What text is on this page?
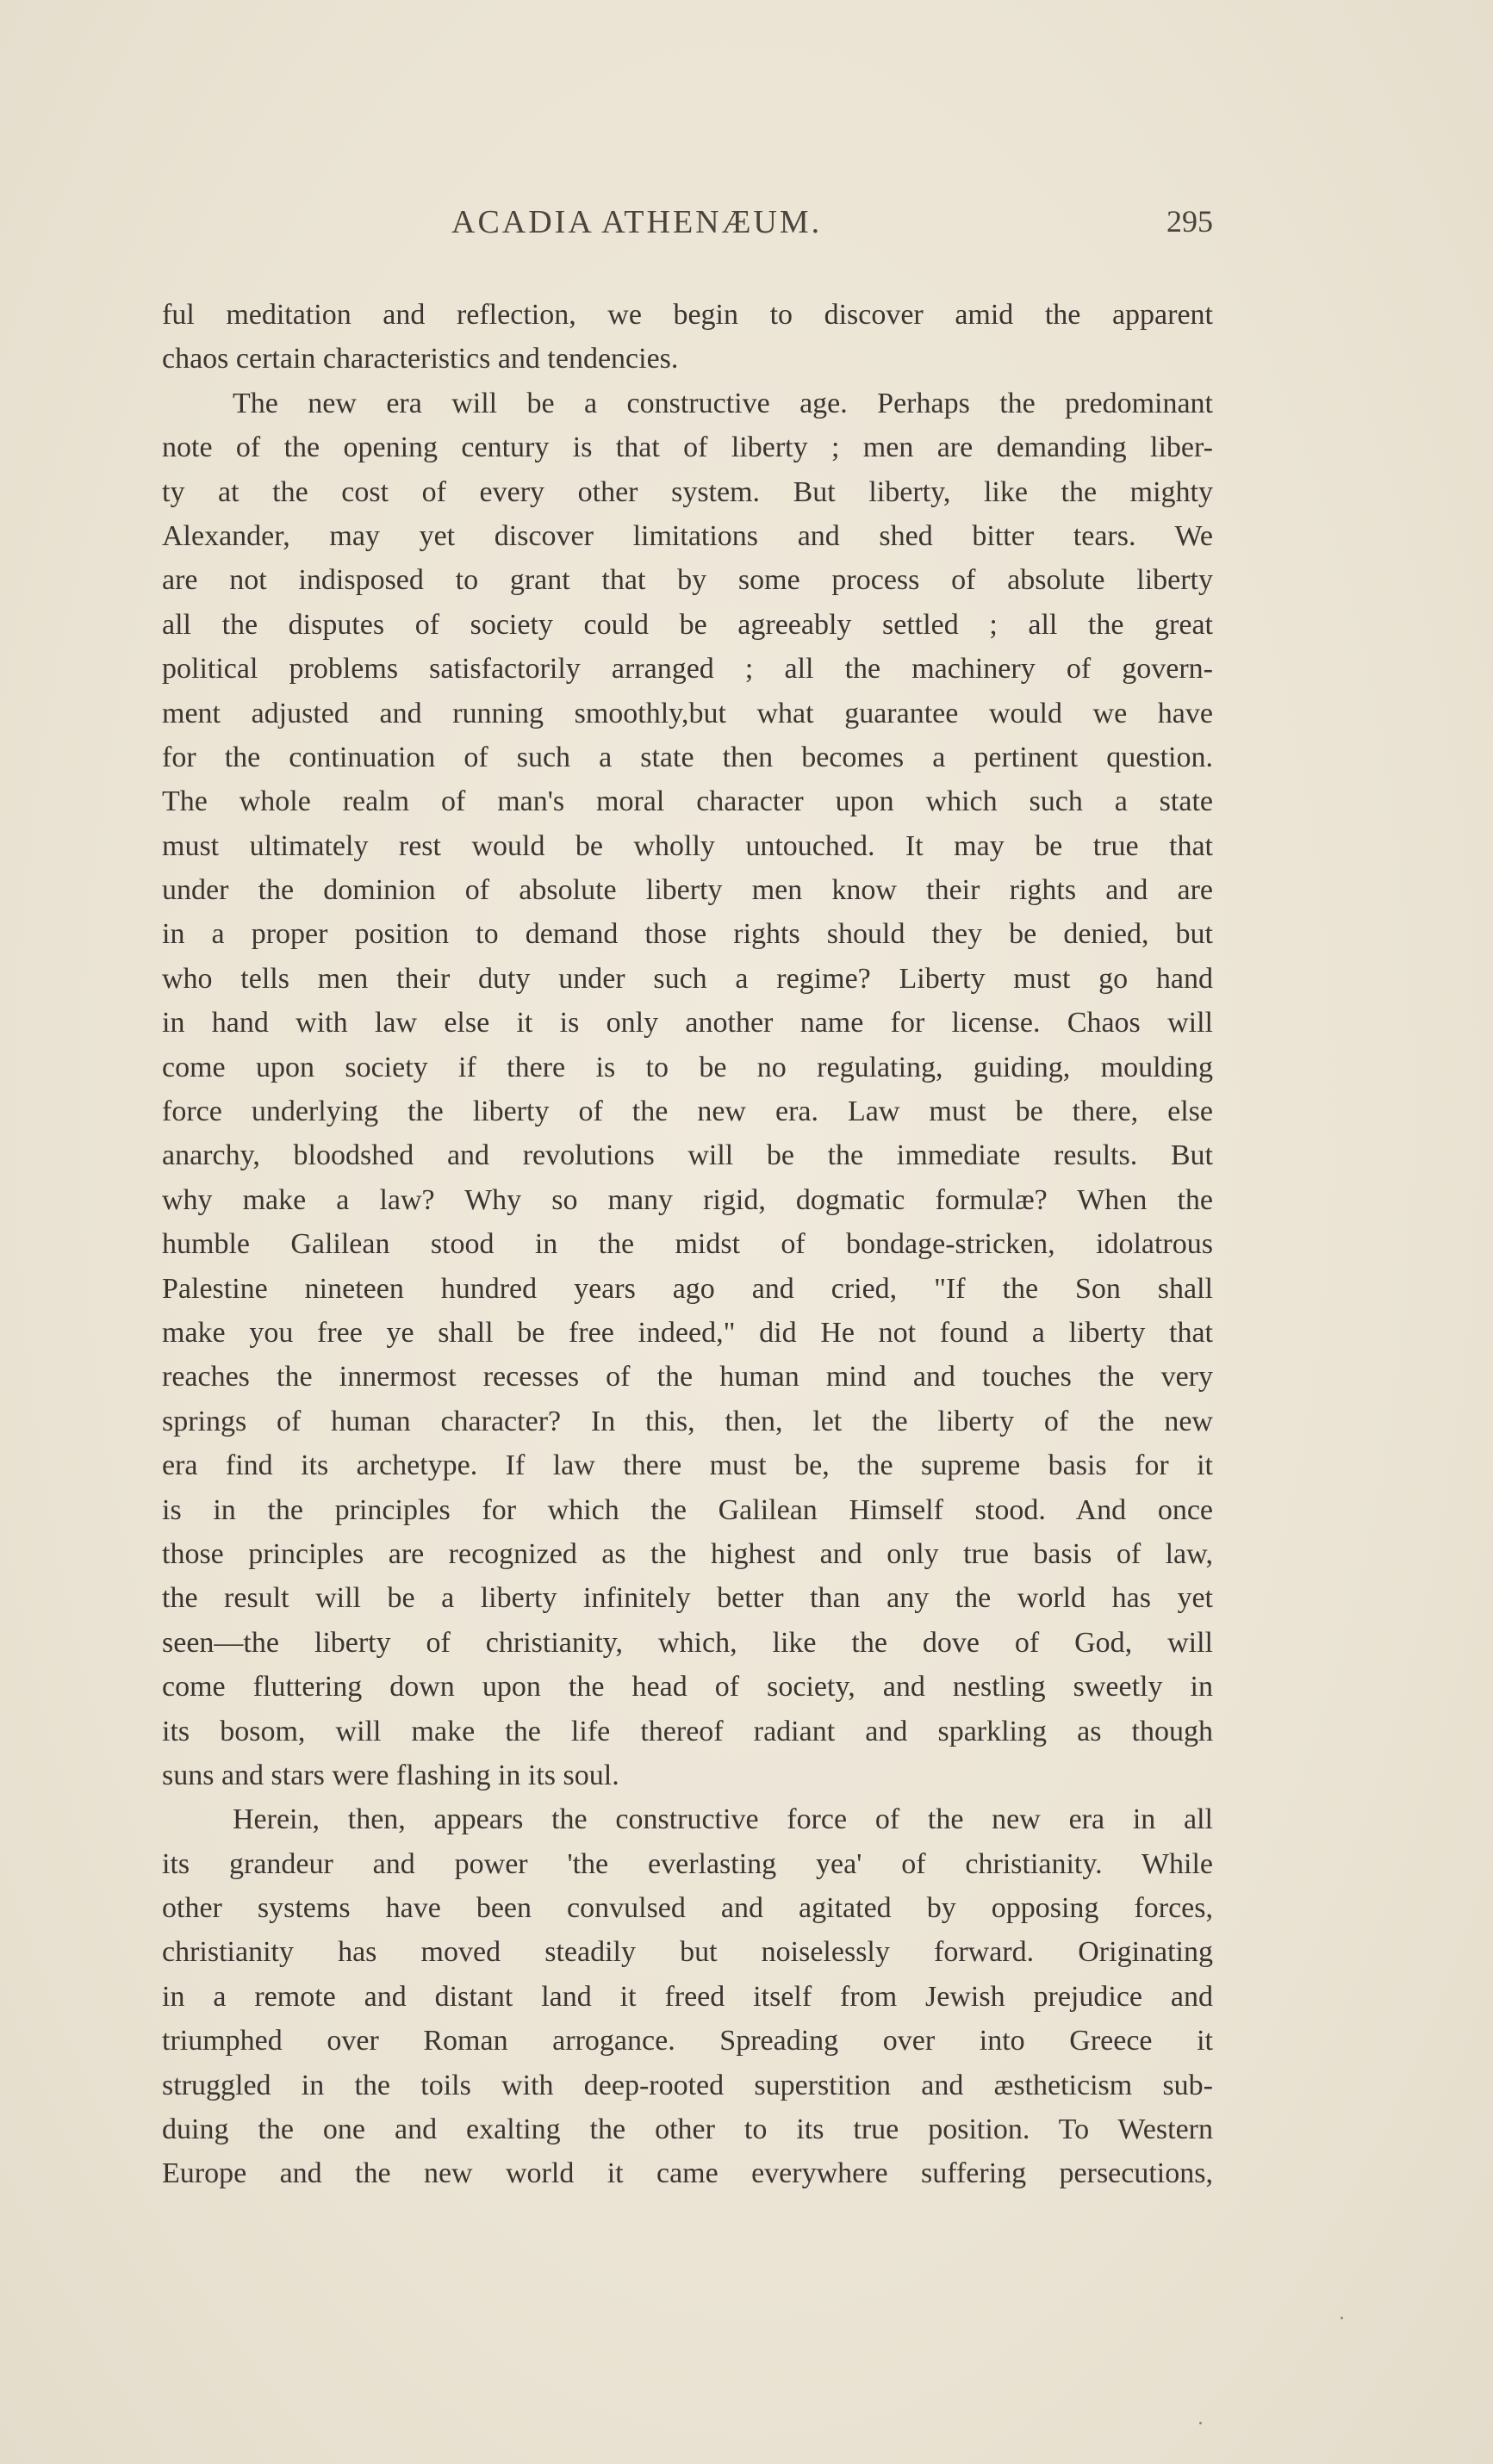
ACADIA ATHENÆUM.	295
ful meditation and reflection, we begin to discover amid the apparent
chaos certain characteristics and tendencies.
The new era will be a constructive age. Perhaps the predominant
note of the opening century is that of liberty ; men are demanding liber-
ty at the cost of every other system. But liberty, like the mighty
Alexander, may yet discover limitations and shed bitter tears. We
are not indisposed to grant that by some process of absolute liberty
all the disputes of society could be agreeably settled ; all the great
political problems satisfactorily arranged ; all the machinery of govern-
ment adjusted and running smoothly,but what guarantee would we have
for the continuation of such a state then becomes a pertinent question.
The whole realm of man's moral character upon which such a state
must ultimately rest would be wholly untouched. It may be true that
under the dominion of absolute liberty men know their rights and are
in a proper position to demand those rights should they be denied, but
who tells men their duty under such a regime? Liberty must go hand
in hand with law else it is only another name for license. Chaos will
come upon society if there is to be no regulating, guiding, moulding
force underlying the liberty of the new era. Law must be there, else
anarchy, bloodshed and revolutions will be the immediate results. But
why make a law? Why so many rigid, dogmatic formulæ? When the
humble Galilean stood in the midst of bondage-stricken, idolatrous
Palestine nineteen hundred years ago and cried, "If the Son shall
make you free ye shall be free indeed," did He not found a liberty that
reaches the innermost recesses of the human mind and touches the very
springs of human character? In this, then, let the liberty of the new
era find its archetype. If law there must be, the supreme basis for it
is in the principles for which the Galilean Himself stood. And once
those principles are recognized as the highest and only true basis of law,
the result will be a liberty infinitely better than any the world has yet
seen—the liberty of christianity, which, like the dove of God, will
come fluttering down upon the head of society, and nestling sweetly in
its bosom, will make the life thereof radiant and sparkling as though
suns and stars were flashing in its soul.
Herein, then, appears the constructive force of the new era in all
its grandeur and power 'the everlasting yea' of christianity. While
other systems have been convulsed and agitated by opposing forces,
christianity has moved steadily but noiselessly forward. Originating
in a remote and distant land it freed itself from Jewish prejudice and
triumphed over Roman arrogance. Spreading over into Greece it
struggled in the toils with deep-rooted superstition and æstheticism sub-
duing the one and exalting the other to its true position. To Western
Europe and the new world it came everywhere suffering persecutions,
